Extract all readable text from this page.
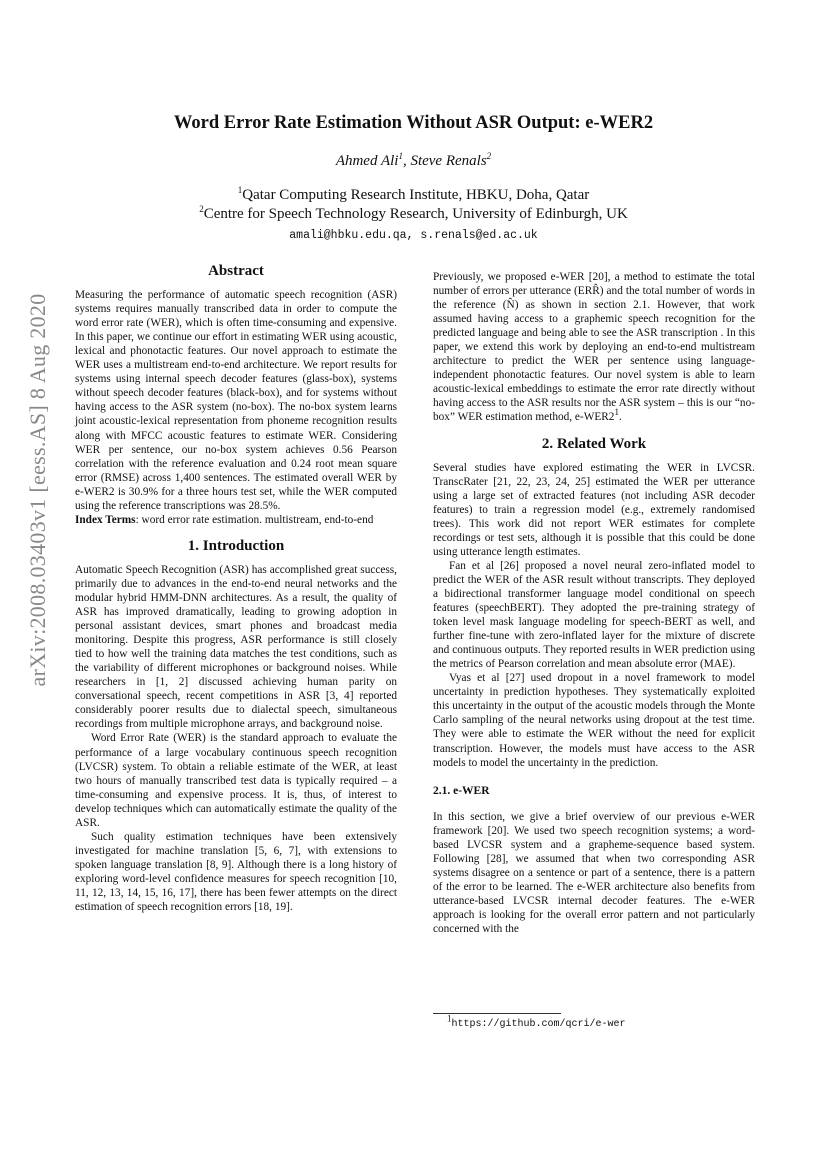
arXiv:2008.03403v1 [eess.AS] 8 Aug 2020
Word Error Rate Estimation Without ASR Output: e-WER2
Ahmed Ali$^1$, Steve Renals$^2$
$^1$Qatar Computing Research Institute, HBKU, Doha, Qatar
$^2$Centre for Speech Technology Research, University of Edinburgh, UK
amali@hbku.edu.qa, s.renals@ed.ac.uk

Abstract

Measuring the performance of automatic speech recognition (ASR) systems requires manually transcribed data in order to compute the word error rate (WER), which is often time-consuming and expensive. In this paper, we continue our effort in estimating WER using acoustic, lexical and phonotactic features. Our novel approach to estimate the WER uses a multistream end-to-end architecture. We report results for systems using internal speech decoder features (glass-box), systems without speech decoder features (black-box), and for systems without having access to the ASR system (no-box). The no-box system learns joint acoustic-lexical representation from phoneme recognition results along with MFCC acoustic features to estimate WER. Considering WER per sentence, our no-box system achieves 0.56 Pearson correlation with the reference evaluation and 0.24 root mean square error (RMSE) across 1,400 sentences. The estimated overall WER by e-WER2 is 30.9% for a three hours test set, while the WER computed using the reference transcriptions was 28.5%.

Index Terms: word error rate estimation. multistream, end-to-end

1. Introduction

Automatic Speech Recognition (ASR) has accomplished great success, primarily due to advances in the end-to-end neural networks and the modular hybrid HMM-DNN architectures. As a result, the quality of ASR has improved dramatically, leading to growing adoption in personal assistant devices, smart phones and broadcast media monitoring. Despite this progress, ASR performance is still closely tied to how well the training data matches the test conditions, such as the variability of different microphones or background noises. While researchers in [1, 2] discussed achieving human parity on conversational speech, recent competitions in ASR [3, 4] reported considerably poorer results due to dialectal speech, simultaneous recordings from multiple microphone arrays, and background noise.

Word Error Rate (WER) is the standard approach to evaluate the performance of a large vocabulary continuous speech recognition (LVCSR) system. To obtain a reliable estimate of the WER, at least two hours of manually transcribed test data is typically required – a time-consuming and expensive process. It is, thus, of interest to develop techniques which can automatically estimate the quality of the ASR.

Such quality estimation techniques have been extensively investigated for machine translation [5, 6, 7], with extensions to spoken language translation [8, 9]. Although there is a long history of exploring word-level confidence measures for speech recognition [10, 11, 12, 13, 14, 15, 16, 17], there has been fewer attempts on the direct estimation of speech recognition errors [18, 19].

Previously, we proposed e-WER [20], a method to estimate the total number of errors per utterance (ERR̂) and the total number of words in the reference (N̂) as shown in section 2.1. However, that work assumed having access to a graphemic speech recognition for the predicted language and being able to see the ASR transcription . In this paper, we extend this work by deploying an end-to-end multistream architecture to predict the WER per sentence using language-independent phonotactic features. Our novel system is able to learn acoustic-lexical embeddings to estimate the error rate directly without having access to the ASR results nor the ASR system – this is our “no-box” WER estimation method, $e-WER2^1$.

2. Related Work

Several studies have explored estimating the WER in LVCSR. TranscRater [21, 22, 23, 24, 25] estimated the WER per utterance using a large set of extracted features (not including ASR decoder features) to train a regression model (e.g., extremely randomised trees). This work did not report WER estimates for complete recordings or test sets, although it is possible that this could be done using utterance length estimates.

Fan et al [26] proposed a novel neural zero-inflated model to predict the WER of the ASR result without transcripts. They deployed a bidirectional transformer language model conditional on speech features (speechBERT). They adopted the pre-training strategy of token level mask language modeling for speech-BERT as well, and further fine-tune with zero-inflated layer for the mixture of discrete and continuous outputs. They reported results in WER prediction using the metrics of Pearson correlation and mean absolute error (MAE).

Vyas et al [27] used dropout in a novel framework to model uncertainty in prediction hypotheses. They systematically exploited this uncertainty in the output of the acoustic models through the Monte Carlo sampling of the neural networks using dropout at the test time. They were able to estimate the WER without the need for explicit transcription. However, the models must have access to the ASR models to model the uncertainty in the prediction.

2.1. e-WER

In this section, we give a brief overview of our previous e-WER framework [20]. We used two speech recognition systems; a word-based LVCSR system and a grapheme-sequence based system. Following [28], we assumed that when two corresponding ASR systems disagree on a sentence or part of a sentence, there is a pattern of the error to be learned. The e-WER architecture also benefits from utterance-based LVCSR internal decoder features. The e-WER approach is looking for the overall error pattern and not particularly concerned with the

$^1$https://github.com/qcri/e-wer
